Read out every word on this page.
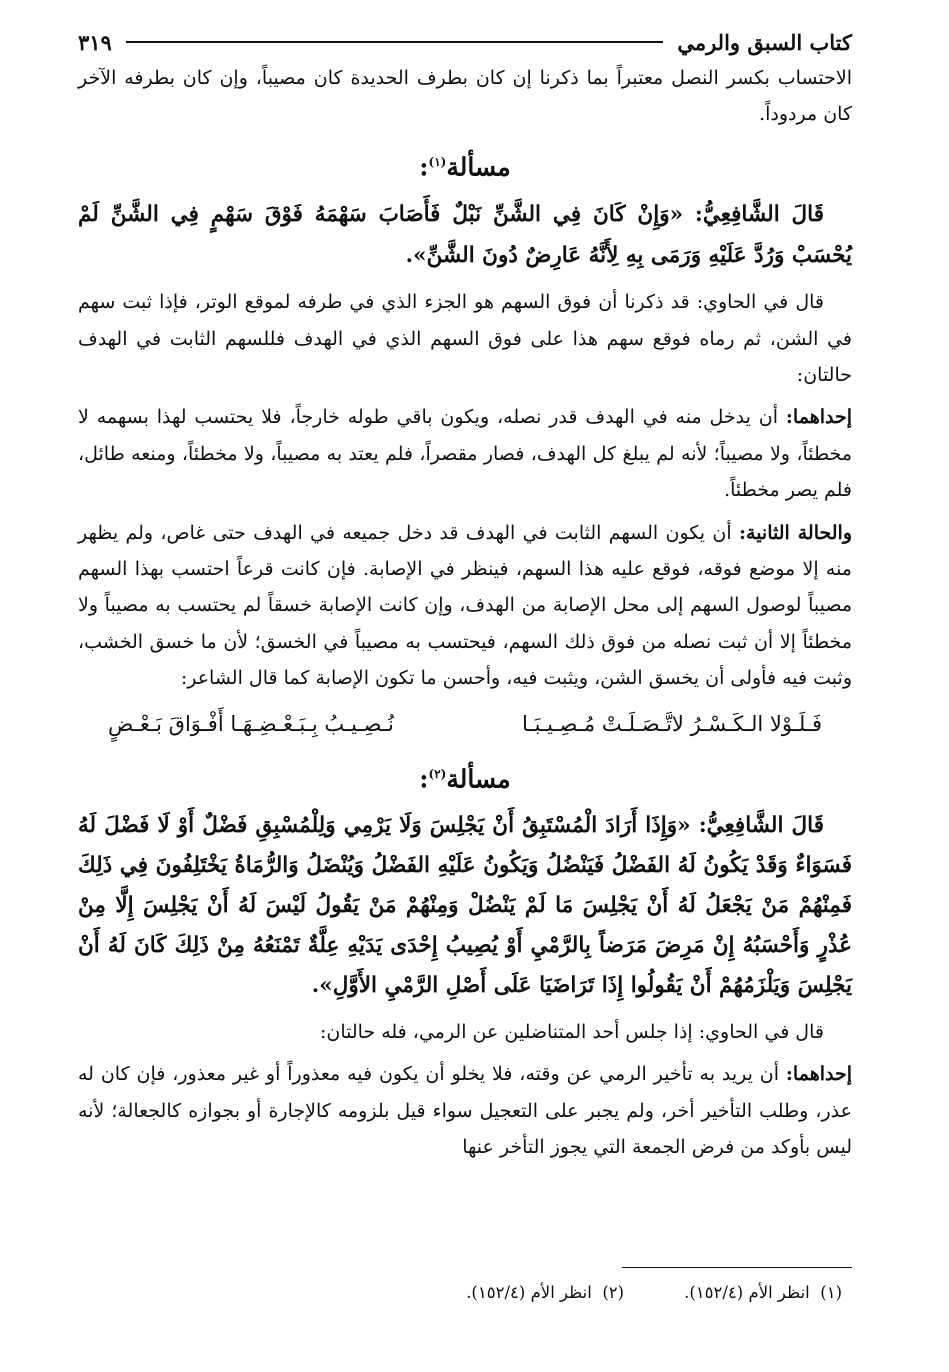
كتاب السبق والرمي
٣١٩

الاحتساب بكسر النصل معتبراً بما ذكرنا إن كان بطرف الحديدة كان مصيباً، وإن كان بطرفه الآخر كان مردوداً.

مسألة$^{(١)}$:

قَالَ الشَّافِعِيُّ: «وَإِنْ كَانَ فِي الشَّنِّ نَبْلٌ فَأَصَابَ سَهْمَهُ فَوْقَ سَهْمٍ فِي الشَّنِّ لَمْ يُحْسَبْ وَرُدَّ عَلَيْهِ وَرَمَى بِهِ لِأَنَّهُ عَارِضٌ دُونَ الشَّنِّ».

قال في الحاوي: قد ذكرنا أن فوق السهم هو الجزء الذي في طرفه لموقع الوتر، فإذا ثبت سهم في الشن، ثم رماه فوقع سهم هذا على فوق السهم الذي في الهدف فللسهم الثابت في الهدف حالتان:

إحداهما: أن يدخل منه في الهدف قدر نصله، ويكون باقي طوله خارجاً، فلا يحتسب لهذا بسهمه لا مخطئاً، ولا مصيباً؛ لأنه لم يبلغ كل الهدف، فصار مقصراً، فلم يعتد به مصيباً، ولا مخطئاً، ومنعه طائل، فلم يصر مخطئاً.

والحالة الثانية: أن يكون السهم الثابت في الهدف قد دخل جميعه في الهدف حتى غاص، ولم يظهر منه إلا موضع فوقه، فوقع عليه هذا السهم، فينظر في الإصابة. فإن كانت قرعاً احتسب بهذا السهم مصيباً لوصول السهم إلى محل الإصابة من الهدف، وإن كانت الإصابة خسقاً لم يحتسب به مصيباً ولا مخطئاً إلا أن ثبت نصله من فوق ذلك السهم، فيحتسب به مصيباً في الخسق؛ لأن ما خسق الخشب، وثبت فيه فأولى أن يخسق الشن، ويثبت فيه، وأحسن ما تكون الإصابة كما قال الشاعر:

فَـلَـوْلا الـكَـسْـرُ لاتَّـصَـلَـتْ مُـصِـيـبَـا
نُـصِـيـبُ بِـبَـعْـضِـهَـا أَفْـوَاقَ بَـعْـضٍ
مسألة$^{(٢)}$:

قَالَ الشَّافِعِيُّ: «وَإِذَا أَرَادَ الْمُسْتَبِقُ أَنْ يَجْلِسَ وَلَا يَرْمِي وَلِلْمُسْبِقِ فَضْلٌ أَوْ لَا فَضْلَ لَهُ فَسَوَاءٌ وَقَدْ يَكُونُ لَهُ الفَضْلُ فَيَنْضُلُ وَيَكُونُ عَلَيْهِ الفَضْلُ وَيُنْضَلُ وَالرُّمَاةُ يَخْتَلِفُونَ فِي ذَلِكَ فَمِنْهُمْ مَنْ يَجْعَلُ لَهُ أَنْ يَجْلِسَ مَا لَمْ يَنْضُلْ وَمِنْهُمْ مَنْ يَقُولُ لَيْسَ لَهُ أَنْ يَجْلِسَ إِلَّا مِنْ عُذْرٍ وَأَحْسَبُهُ إِنْ مَرِضَ مَرَضاً بِالرَّمْيِ أَوْ يُصِيبُ إِحْدَى يَدَيْهِ عِلَّةٌ تَمْنَعُهُ مِنْ ذَلِكَ كَانَ لَهُ أَنْ يَجْلِسَ وَيَلْزَمُهُمْ أَنْ يَقُولُوا إِذَا تَرَاضَيَا عَلَى أَصْلِ الرَّمْيِ الأَوَّلِ».

قال في الحاوي: إذا جلس أحد المتناضلين عن الرمي، فله حالتان:

إحداهما: أن يريد به تأخير الرمي عن وقته، فلا يخلو أن يكون فيه معذوراً أو غير معذور، فإن كان له عذر، وطلب التأخير أخر، ولم يجبر على التعجيل سواء قيل بلزومه كالإجارة أو بجوازه كالجعالة؛ لأنه ليس بأوكد من فرض الجمعة التي يجوز التأخر عنها

(١)  انظر الأم (١٥٢/٤).
(٢)  انظر الأم (١٥٢/٤).
